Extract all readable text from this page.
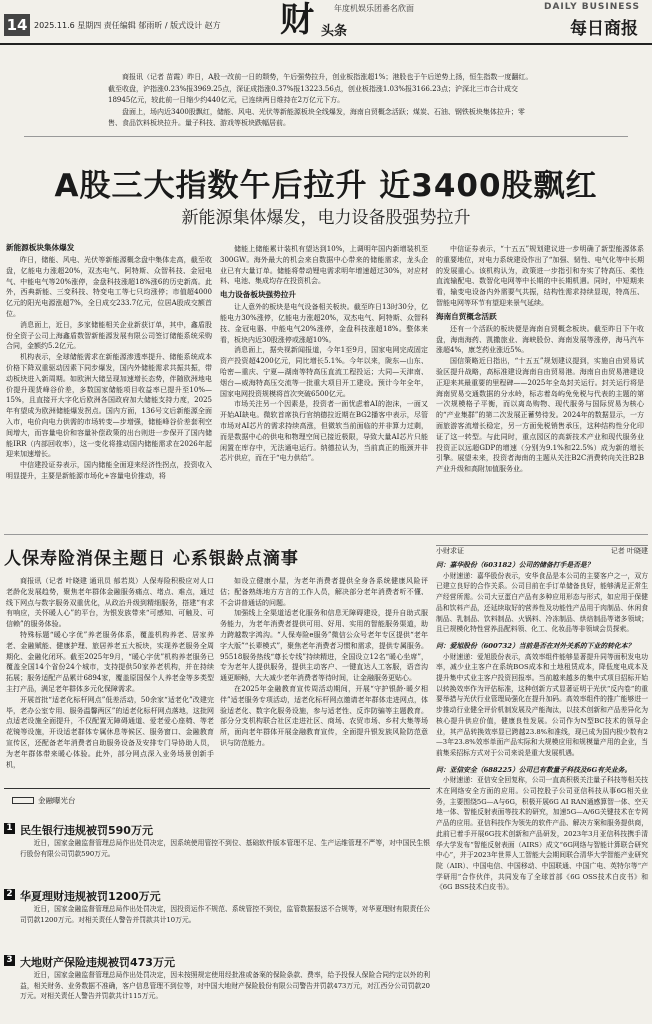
14 2025.11.6 星期四 责任编辑 郁雨昕 / 版式设计 赵方 财	年度机娱乐团番名欣面
头条
DAILY BUSINESS
每日商报

商报讯（记者 苗霞）昨日，A股一改前一日的颓势，午后强势拉升，创业板指涨超1%；港股也于午后逆势上扬，恒生指数一度翻红。截至收盘，沪指涨0.23%报3969.25点，深证成指涨0.37%报13223.56点，创业板指涨1.03%报3166.23点；沪深北三市合计成交18945亿元，较此前一日缩少约440亿元，已连续两日维持在2万亿元下方。

盘面上，场内近3400股飘红，储能、风电、光伏等新能源板块全线爆发，海南自贸概念活跃；煤炭、石油、钢铁板块集体拉升；零售、食品饮料板块拉升。量子科技、游戏等板块跌幅居前。

A股三大指数午后拉升 近3400股飘红
新能源集体爆发，电力设备股强势拉升
新能源板块集体爆发

昨日，储能、风电、光伏等新能源概念盘中集体走高，截至收盘，亿能电力涨超20%，双杰电气、阿特斯、众智科技、金冠电气、中能电气等20%涨停，金盘科技涨超18%涨6的历史新高。此外，西典新能、三变科技、特变电工等七只均涨停；市值超4000亿元的阳光电源涨超7%，全日成交233.7亿元，位居A股成交额首位。

消息面上，近日，多家储能相关企业新获订单，其中，鑫盾股份全资子公司上海鑫盾数智新能源发展有限公司签订储能系统采购合同，金额约5.2亿元。

机构表示，全球储能需求在新能源渗透率提升、储能系统成本价格下降双重驱动因素下同步爆发，国内外储能需求共振共振，带动板块进入新周期。如欧洲大储呈现加速增长态势，伴随欧洲地电价提升现货峰谷价差，多数国家储能项目收益率已提升至10%—15%，且直接开大字化后欧洲各国政府加大储能支持力度，2025年有望成为欧洲储能爆发拐点。国内方面，136号文后新能源全面入市，电价向电力供需的市场转变—步增强，储能峰谷价差套利空间增大，而容量电价和容量补偿政策的出台则进一步保开了国内储能IRR（内部回收率），这一变化将推动国内储能需求在2026年起迎来加速增长。

中信建投证券表示，国内储能全面迎来经济性拐点，投资收入明显提升，主要是新能源市场化+容量电价推动，将

储能上储能累计装机有望达到10%，上调明年国内新增装机至300GW。海外最大的机会来自数据中心带来的储能需求，龙头企业已有大量订单。储能将带动锂电需求明年增速超过30%，对应材料、电池、集成均存在投资机会。

电力设备板块强势拉升

让人意外的板块是电气设备相关板块。截至昨日13时30分，亿能电力30%涨停，亿能电力涨超20%，双杰电气、阿特斯、众智科技、金冠电器、中能电气20%涨停，金盘科技涨超18%。整体来看，板块内近30股涨停或涨超10%。

消息面上，据央视新闻报道，今年1至9月，国家电网完成固定资产投资超4200亿元，同比增长5.1%。今年以来，陇东—山东、哈密—重庆、宁夏—湖南等特高压直流工程投运；大同—天津南、烟台—威海特高压交流等一批重大项目开工建设。预计今年全年，国家电网投资规模将首次突破6500亿元。

市场关注另一个因素是，投资者一面忧虑着AI的泡沫，一面又开始AI缺电。微软首席执行官纳德拉近期在BG2播客中表示，尽管市场对AI芯片的需求持续高涨，但微软当前面临的并非算力过剩，而是数据中心的供电和物理空间已接近极限，导致大量AI芯片只能闲置在库存中，无法通电运行。纳德拉认为，当前真正的瓶颈并非芯片供应，而在于“电力供给”。

中信证券表示，“十五五”规划建议进一步明确了新型能源体系的重要地位，对电力系统建设作出了“加强、韧性、电气化等中长期的发展重心。该机构认为，政策进一步指引和夯实了特高压、柔性直流输配电、数智化电网等中长期的中长期机遇。同时，中短期来看，输变电设备内外需要气共振，结构性需求持续显现，特高压、智能电网等环节有望迎来景气延续。

海南自贸概念活跃

还有一个活跃的板块便是海南自贸概念板块。截至昨日下午收盘，海南海药、凯撒旅业、海峡股份、海南发展等涨停，海马汽车涨超4%，康芝药业涨近5%。

国信策略近日指出，“十五五”规划建议提到，实施自由贸易试验区提升战略，高标准建设海南自由贸易港。海南自由贸易港建设正迎来其最重要的里程碑——2025年全岛封关运行。封关运行将是海南贸易交通数据的分水岭，标志着岛屿免免税与代表的主题的第一次规模格子平衡，而以离岛购物、现代服务与国际贸易为核心的“产业集群”的第二次发展正蓄势待发。2024年的数据显示，一方面旅游客流增长稳定，另一方面免税销售承压，这种结构性分化印证了这一转型。与此同时，重点园区的高新技术产业和现代服务业投资正以远超GDP的增速（分别为9.1%和22.5%）成为新的增长引擎。展望未来，投资者海南的主题从关注B2C消费转向关注B2B产业升级和高附加值服务业。

人保寿险消保主题日 心系银龄点滴事

商报讯（记者 叶晓建 通讯员 郁若岚）人保寿险积极应对人口老龄化发展趋势，聚焦老年群体金融服务痛点、堵点、难点，通过线下网点与数字服务双重优化，从政治升级到精细服务，搭建“有求有响应，关怀暖人心”的平台，为银发族带来“可感知、可触及、可信赖”的服务体验。

特殊标题“暖心字优”养老服务体系，覆盖机构养老、居家养老、金融赋能、健康护理、旅居养老五大板块，实现养老服务全周期化、金融化闭环。截至2025年9月，“暖心字优”机构养老服务已覆盖全国14个省份24个城市，支持提供50家养老机构，并在持续拓展；服务适配产品累计6894家，覆盖原国保个人养老金等多类型主打产品，满足老年群体多元化保障需求。

开展首批“适老化标杆网点”低差活动，50余家“适老化”改建完毕，老办公室专用、服务温馨两区”的适老化标杆网点落地，这批网点适老设施全面提升，不仅配置无障碍通道、爱老爱心座椅、等老花镜等设施，开设适老群体专属休息等候区、服务窗口、金融教育宣传区，还配备老年消费者自助服务设备及安排专门导协助人员，为老年群体带来暖心体验。此外，部分网点深入业务场景创新手机，

如设立健康小屋，为老年消费者提供全身各系统健康风险评估；配备熟练地方方言的工作人员，解决部分老年消费者听不懂、不会讲普通话的问题。

加强线上全渠道适老化服务和信息无障碍建设，提升自助式服务能力，为老年消费者提供可用、好用、实用的智能服务渠道，助力跨越数字鸿沟。“人保寿险e服务”微信公众号老年专区提供“老年字大版”“长辈模式”，聚焦老年消费者习惯和需求，提供专属服务。95518服务热线“尊长专线”持续精进，全国设立12名“暖心坐席”，专为老年人提供服务，提供主动客户、一键直达人工客服，语音沟通更顺畅，大大减少老年消费者等待时间，让金融服务更贴心。

在2025年金融教育宣传周活动期间，开展“守护银龄·暖夕相伴”适老服务专项活动，适老化标杆网点邀请老年群体走进网点，体验适老化、数字化服务设施，参与适老性、反诈防骗等主题教育。部分分支机构联合社区走进社区、商场、农贸市场、乡村大集等场所，面向老年群体开展金融教育宣传，全面提升银发族风险防范意识与防范能力。

小财求证	记者 叶晓建
问：嘉华股份（603182）公司的储备打手是否是？
小财速递：嘉华股份表示，安华食品是本公司的主要客户之一，双方已建立良好的合作关系。公司目前在手订单储备良好，能够满足正常生产经营所需。公司大豆蛋白产品有多种应用形态与形式，如应用于保健品和饮料产品，还延续取好的营养性及功能性产品用于肉制品、休闲食制品、乳制品、饮料制品、火锅料、冷冻制品、烘焙制品等诸多领域；且已规模化特性营养品配料领、化工、化妆品等非领域会员探索。
问：爱旭股份（600732）当前是否在对外关系的下业的转化本？
小财速递：爱旭股份表示，高效率组件能够显著提升同等面积发电功率，减少业主客户在系统BOS成本和土地租赁成本，降低度电成本及提升集中式业主客户投资回报率。当前越来越多的集中式项目招标开始以转换效率作为评估标准，这种创新方式显著证明于光伏“反内卷”的重要举措与光伏行业管理局强化在提升加码。高效率组件的推广能够进一步推动行业健全评价机制发展及产能淘汰，以技术创新和产品差异化为核心提升供应价值，健康良性发展。公司作为N型BC技术的领导企业，其产品转换效率显已跨越23.8%和准线，现已成为国内极少数有2—3年23.8%效率单面产品实际和大规模应用和规模量产用的企业，当前集采招标方式对于公司来说是重大发展机遇。
问：亚信安全（688225）公司已有数量子科技及6G有关业务。
小财速递：亚信安全回复称，公司一直高积极关注量子科技等相关技术在网络安全方面的应用。公司控股子公司亚信科技从事6G相关业务，主要围绕5G—A与6G，积极开展6G AI RAN通感算智一体、空天地一体、智能反射表面等技术的研究，加速5G—A/6G关键技术在专网产品的应用。亚信科技作为领先的软件产品、解决方案和服务提供商，此前已着手开展6G技术创新和产品研发，2023年3月亚信科技携手清华大学发布“智能反射表面（AIRS）成文“6G网络与智能计算联合研究中心”，并于2023年世界人工智能大会期间联合清华大学智能产业研究院（AIR）、中国电信、中国移动、中国联通、中国广电、英特尔等“产学研用”合作伙伴，共同发布了全球首部《6G OSS技术白皮书》和《6G BSS技术白皮书》。
金融曝光台
1 民生银行违规被罚590万元
近日，国家金融监督管理总局作出处罚决定，因系统使用管控不到位、基础软件版本管理不足、生产运维管理不严等，对中国民生银行股份有限公司罚款590万元。
2 华夏理财违规被罚1200万元
近日，国家金融监督管理总局作出处罚决定，因投资运作不规范、系统管控不到位，监管数据报送不合规等，对华夏理财有限责任公司罚款1200万元。对相关责任人警告并罚款共计10万元。
3 大地财产保险违规被罚473万元
近日，国家金融监督管理总局作出处罚决定，因未按照规定使用经批准或备案的保险条款、费率，给予投保人保险合同约定以外的利益，相关财务、业务数据不准确，客户信息管理不到位等，对中国大地财产保险股份有限公司警告并罚款473万元，对江西分公司罚款20万元。对相关责任人警告并罚款共计115万元。
